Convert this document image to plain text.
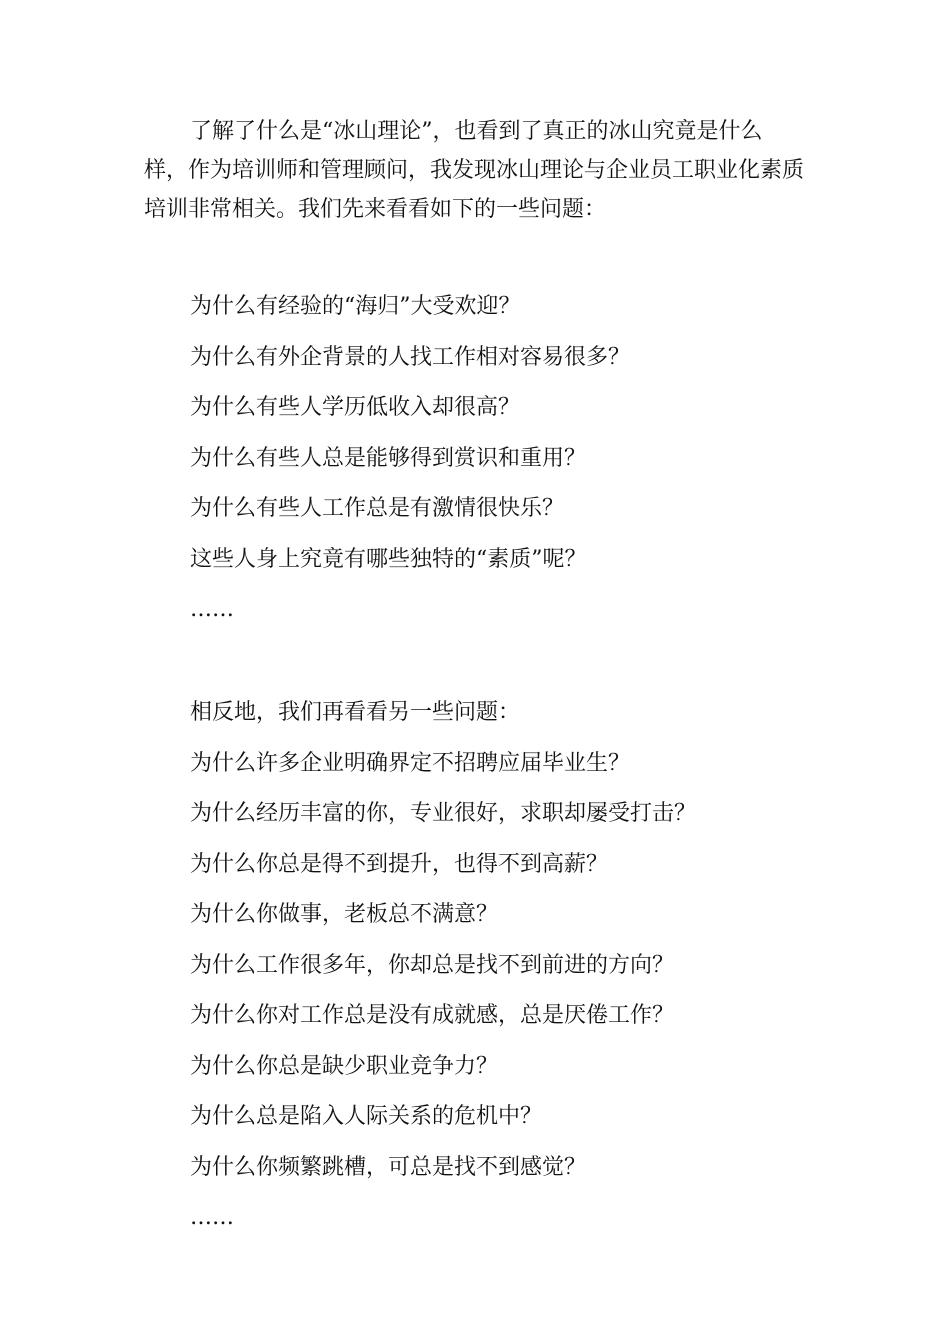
了解了什么是“冰山理论”，也看到了真正的冰山究竟是什么样，作为培训师和管理顾问，我发现冰山理论与企业员工职业化素质培训非常相关。我们先来看看如下的一些问题：

为什么有经验的“海归”大受欢迎？
为什么有外企背景的人找工作相对容易很多？
为什么有些人学历低收入却很高？
为什么有些人总是能够得到赏识和重用？
为什么有些人工作总是有激情很快乐？
这些人身上究竟有哪些独特的“素质”呢？
……
相反地，我们再看看另一些问题：
为什么许多企业明确界定不招聘应届毕业生？
为什么经历丰富的你，专业很好，求职却屡受打击？
为什么你总是得不到提升，也得不到高薪？
为什么你做事，老板总不满意？
为什么工作很多年，你却总是找不到前进的方向？
为什么你对工作总是没有成就感，总是厌倦工作？
为什么你总是缺少职业竞争力？
为什么总是陷入人际关系的危机中？
为什么你频繁跳槽，可总是找不到感觉？
……
